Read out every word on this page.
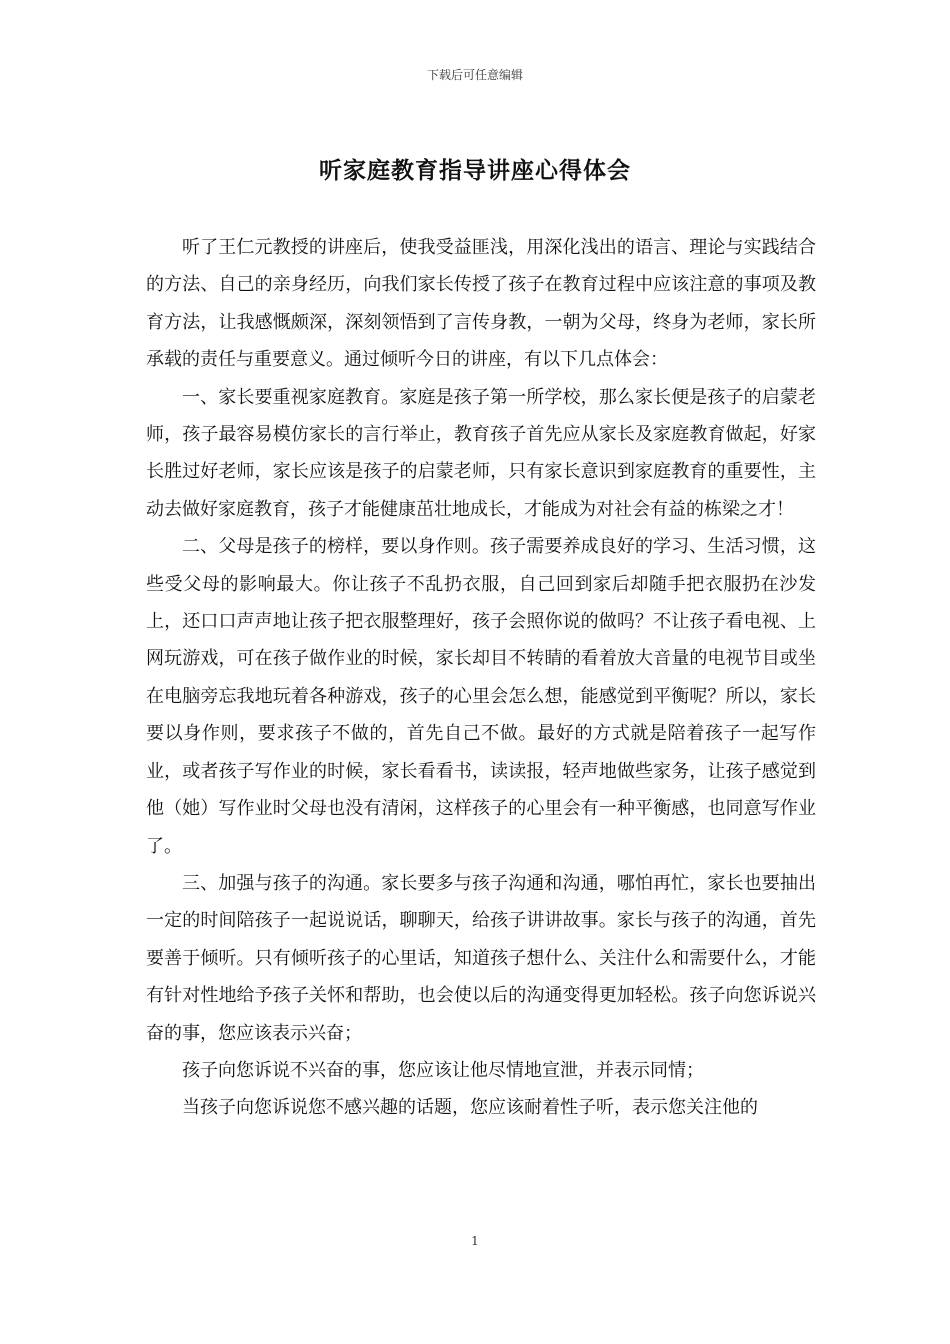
下载后可任意编辑
听家庭教育指导讲座心得体会

听了王仁元教授的讲座后，使我受益匪浅，用深化浅出的语言、理论与实践结合的方法、自己的亲身经历，向我们家长传授了孩子在教育过程中应该注意的事项及教育方法，让我感慨颇深，深刻领悟到了言传身教，一朝为父母，终身为老师，家长所承载的责任与重要意义。通过倾听今日的讲座，有以下几点体会：

一、家长要重视家庭教育。家庭是孩子第一所学校，那么家长便是孩子的启蒙老师，孩子最容易模仿家长的言行举止，教育孩子首先应从家长及家庭教育做起，好家长胜过好老师，家长应该是孩子的启蒙老师，只有家长意识到家庭教育的重要性，主动去做好家庭教育，孩子才能健康茁壮地成长，才能成为对社会有益的栋梁之才！

二、父母是孩子的榜样，要以身作则。孩子需要养成良好的学习、生活习惯，这些受父母的影响最大。你让孩子不乱扔衣服，自己回到家后却随手把衣服扔在沙发上，还口口声声地让孩子把衣服整理好，孩子会照你说的做吗？不让孩子看电视、上网玩游戏，可在孩子做作业的时候，家长却目不转睛的看着放大音量的电视节目或坐在电脑旁忘我地玩着各种游戏，孩子的心里会怎么想，能感觉到平衡呢？所以，家长要以身作则，要求孩子不做的，首先自己不做。最好的方式就是陪着孩子一起写作业，或者孩子写作业的时候，家长看看书，读读报，轻声地做些家务，让孩子感觉到他（她）写作业时父母也没有清闲，这样孩子的心里会有一种平衡感，也同意写作业了。

三、加强与孩子的沟通。家长要多与孩子沟通和沟通，哪怕再忙，家长也要抽出一定的时间陪孩子一起说说话，聊聊天，给孩子讲讲故事。家长与孩子的沟通，首先要善于倾听。只有倾听孩子的心里话，知道孩子想什么、关注什么和需要什么，才能有针对性地给予孩子关怀和帮助，也会使以后的沟通变得更加轻松。孩子向您诉说兴奋的事，您应该表示兴奋；

孩子向您诉说不兴奋的事，您应该让他尽情地宣泄，并表示同情；

当孩子向您诉说您不感兴趣的话题，您应该耐着性子听，表示您关注他的

1
